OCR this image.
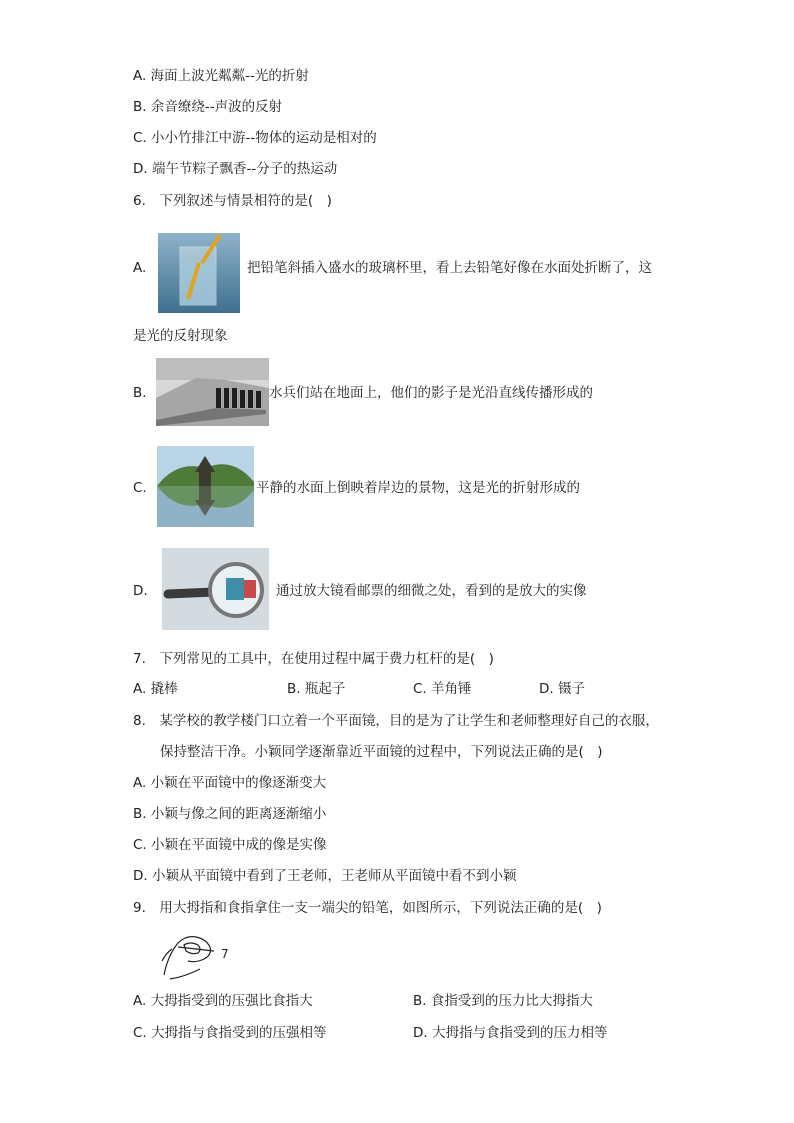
A. 海面上波光粼粼--光的折射
B. 余音缭绕--声波的反射
C. 小小竹排江中游--物体的运动是相对的
D. 端午节粽子飘香--分子的热运动
6.　下列叙述与情景相符的是(　)
A.	把铅笔斜插入盛水的玻璃杯里，看上去铅笔好像在水面处折断了，这
是光的反射现象
B.	水兵们站在地面上，他们的影子是光沿直线传播形成的
C.	平静的水面上倒映着岸边的景物，这是光的折射形成的
D.	通过放大镜看邮票的细微之处，看到的是放大的实像
7.　下列常见的工具中，在使用过程中属于费力杠杆的是(　)
A. 撬棒	B. 瓶起子	C. 羊角锤	D. 镊子
8.　某学校的教学楼门口立着一个平面镜，目的是为了让学生和老师整理好自己的衣服，
保持整洁干净。小颖同学逐渐靠近平面镜的过程中，下列说法正确的是(　)
A. 小颖在平面镜中的像逐渐变大
B. 小颖与像之间的距离逐渐缩小
C. 小颖在平面镜中成的像是实像
D. 小颖从平面镜中看到了王老师，王老师从平面镜中看不到小颖
9.　用大拇指和食指拿住一支一端尖的铅笔，如图所示，下列说法正确的是(　)
7
A. 大拇指受到的压强比食指大	B. 食指受到的压力比大拇指大
C. 大拇指与食指受到的压强相等	D. 大拇指与食指受到的压力相等
